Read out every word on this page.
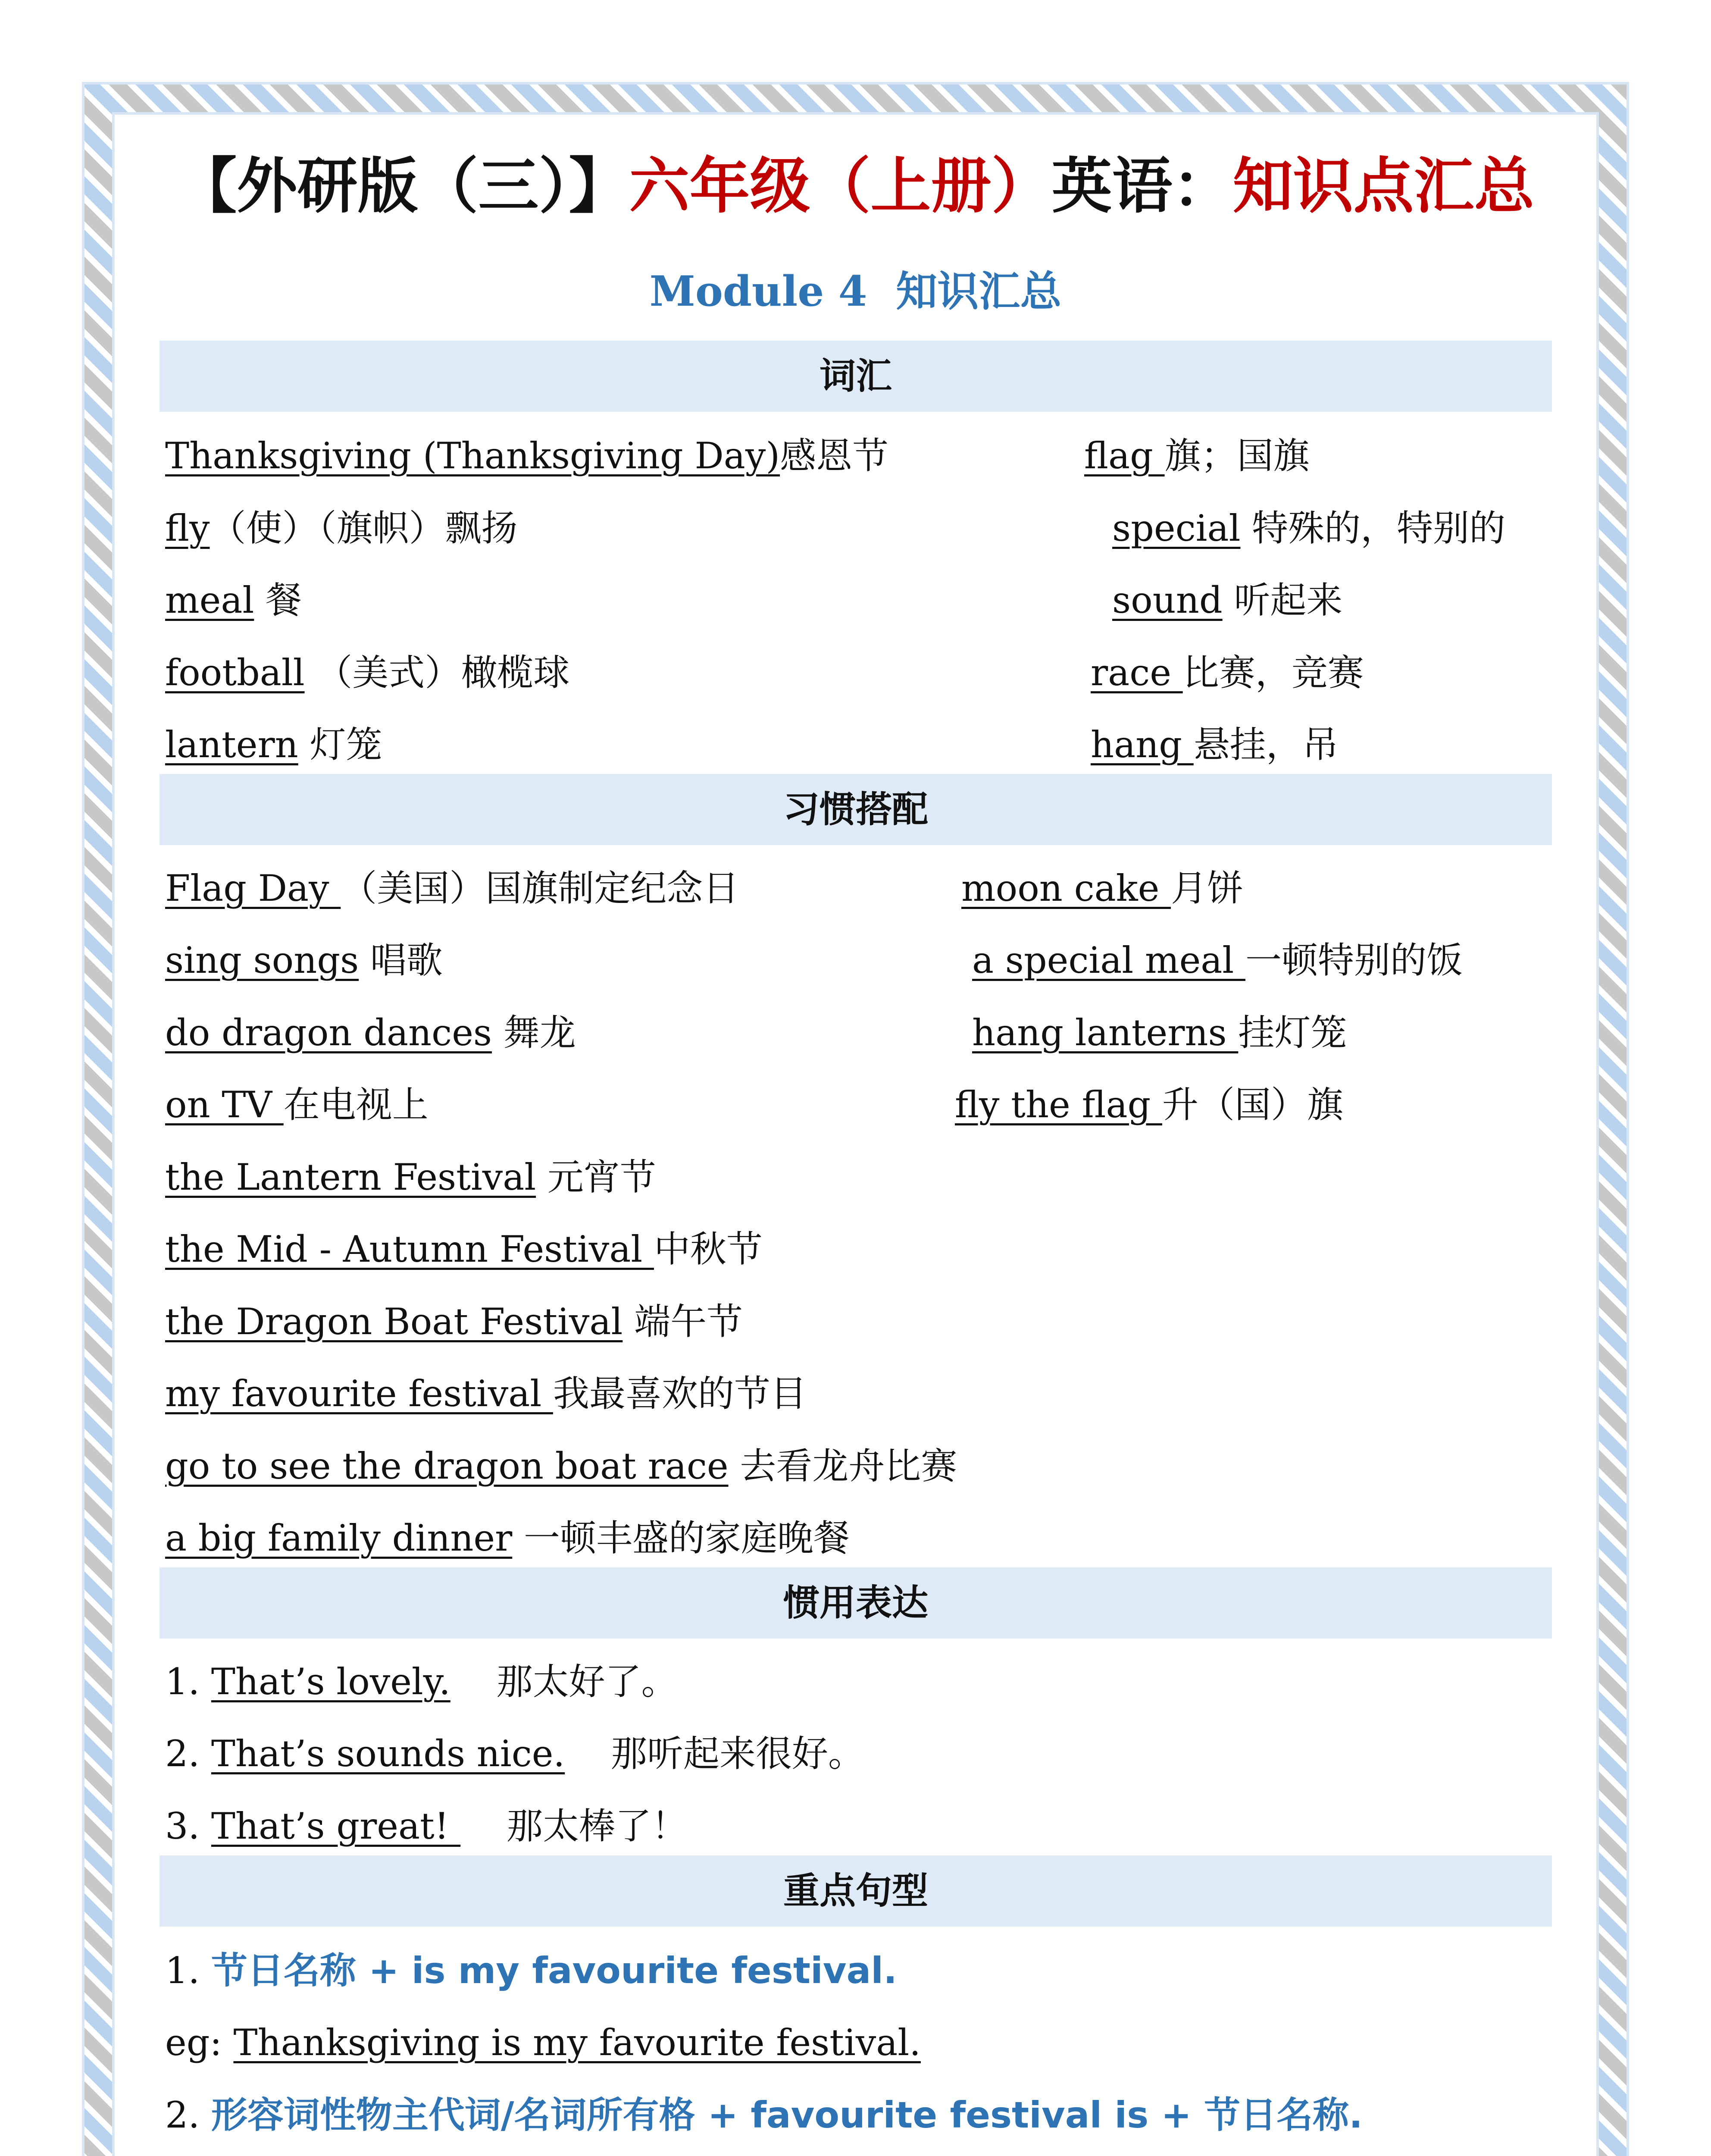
【外研版（三）】六年级（上册）英语：知识点汇总
Module 4 知识汇总
词汇
Thanksgiving (Thanksgiving Day)感恩节
fly（使）（旗帜）飘扬
meal 餐
football （美式）橄榄球
lantern 灯笼
flag 旗；国旗
special 特殊的，特别的
sound 听起来
race 比赛，竞赛
hang 悬挂，吊
习惯搭配
Flag Day （美国）国旗制定纪念日
sing songs 唱歌
do dragon dances 舞龙
on TV 在电视上
the Lantern Festival 元宵节
the Mid - Autumn Festival 中秋节
the Dragon Boat Festival 端午节
my favourite festival 我最喜欢的节目
go to see the dragon boat race 去看龙舟比赛
a big family dinner 一顿丰盛的家庭晚餐
moon cake 月饼
a special meal 一顿特别的饭
hang lanterns 挂灯笼
fly the flag 升（国）旗
惯用表达
1. That’s lovely. 那太好了。
2. That’s sounds nice. 那听起来很好。
3. That’s great!     那太棒了！
重点句型
1. 节日名称 + is my favourite festival.
eg: Thanksgiving is my favourite festival.
2. 形容词性物主代词/名词所有格 + favourite festival is + 节日名称.
